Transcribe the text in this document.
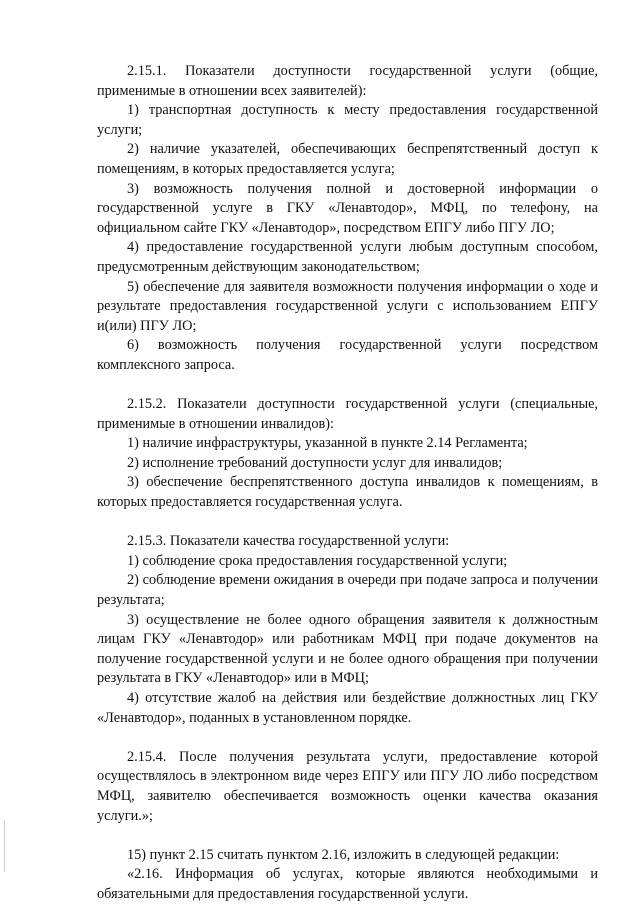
2.15.1. Показатели доступности государственной услуги (общие, применимые в отношении всех заявителей):

1) транспортная доступность к месту предоставления государственной услуги;

2) наличие указателей, обеспечивающих беспрепятственный доступ к помещениям, в которых предоставляется услуга;

3) возможность получения полной и достоверной информации о государственной услуге в ГКУ «Ленавтодор», МФЦ, по телефону, на официальном сайте ГКУ «Ленавтодор», посредством ЕПГУ либо ПГУ ЛО;

4) предоставление государственной услуги любым доступным способом, предусмотренным действующим законодательством;

5) обеспечение для заявителя возможности получения информации о ходе и результате предоставления государственной услуги с использованием ЕПГУ и(или) ПГУ ЛО;

6) возможность получения государственной услуги посредством комплексного запроса.

2.15.2. Показатели доступности государственной услуги (специальные, применимые в отношении инвалидов):

1) наличие инфраструктуры, указанной в пункте 2.14 Регламента;

2) исполнение требований доступности услуг для инвалидов;

3) обеспечение беспрепятственного доступа инвалидов к помещениям, в которых предоставляется государственная услуга.

2.15.3. Показатели качества государственной услуги:

1) соблюдение срока предоставления государственной услуги;

2) соблюдение времени ожидания в очереди при подаче запроса и получении результата;

3) осуществление не более одного обращения заявителя к должностным лицам ГКУ «Ленавтодор» или работникам МФЦ при подаче документов на получение государственной услуги и не более одного обращения при получении результата в ГКУ «Ленавтодор» или в МФЦ;

4) отсутствие жалоб на действия или бездействие должностных лиц ГКУ «Ленавтодор», поданных в установленном порядке.

2.15.4. После получения результата услуги, предоставление которой осуществлялось в электронном виде через ЕПГУ или ПГУ ЛО либо посредством МФЦ, заявителю обеспечивается возможность оценки качества оказания услуги.»;

15) пункт 2.15 считать пунктом 2.16, изложить в следующей редакции:

«2.16. Информация об услугах, которые являются необходимыми и обязательными для предоставления государственной услуги.
